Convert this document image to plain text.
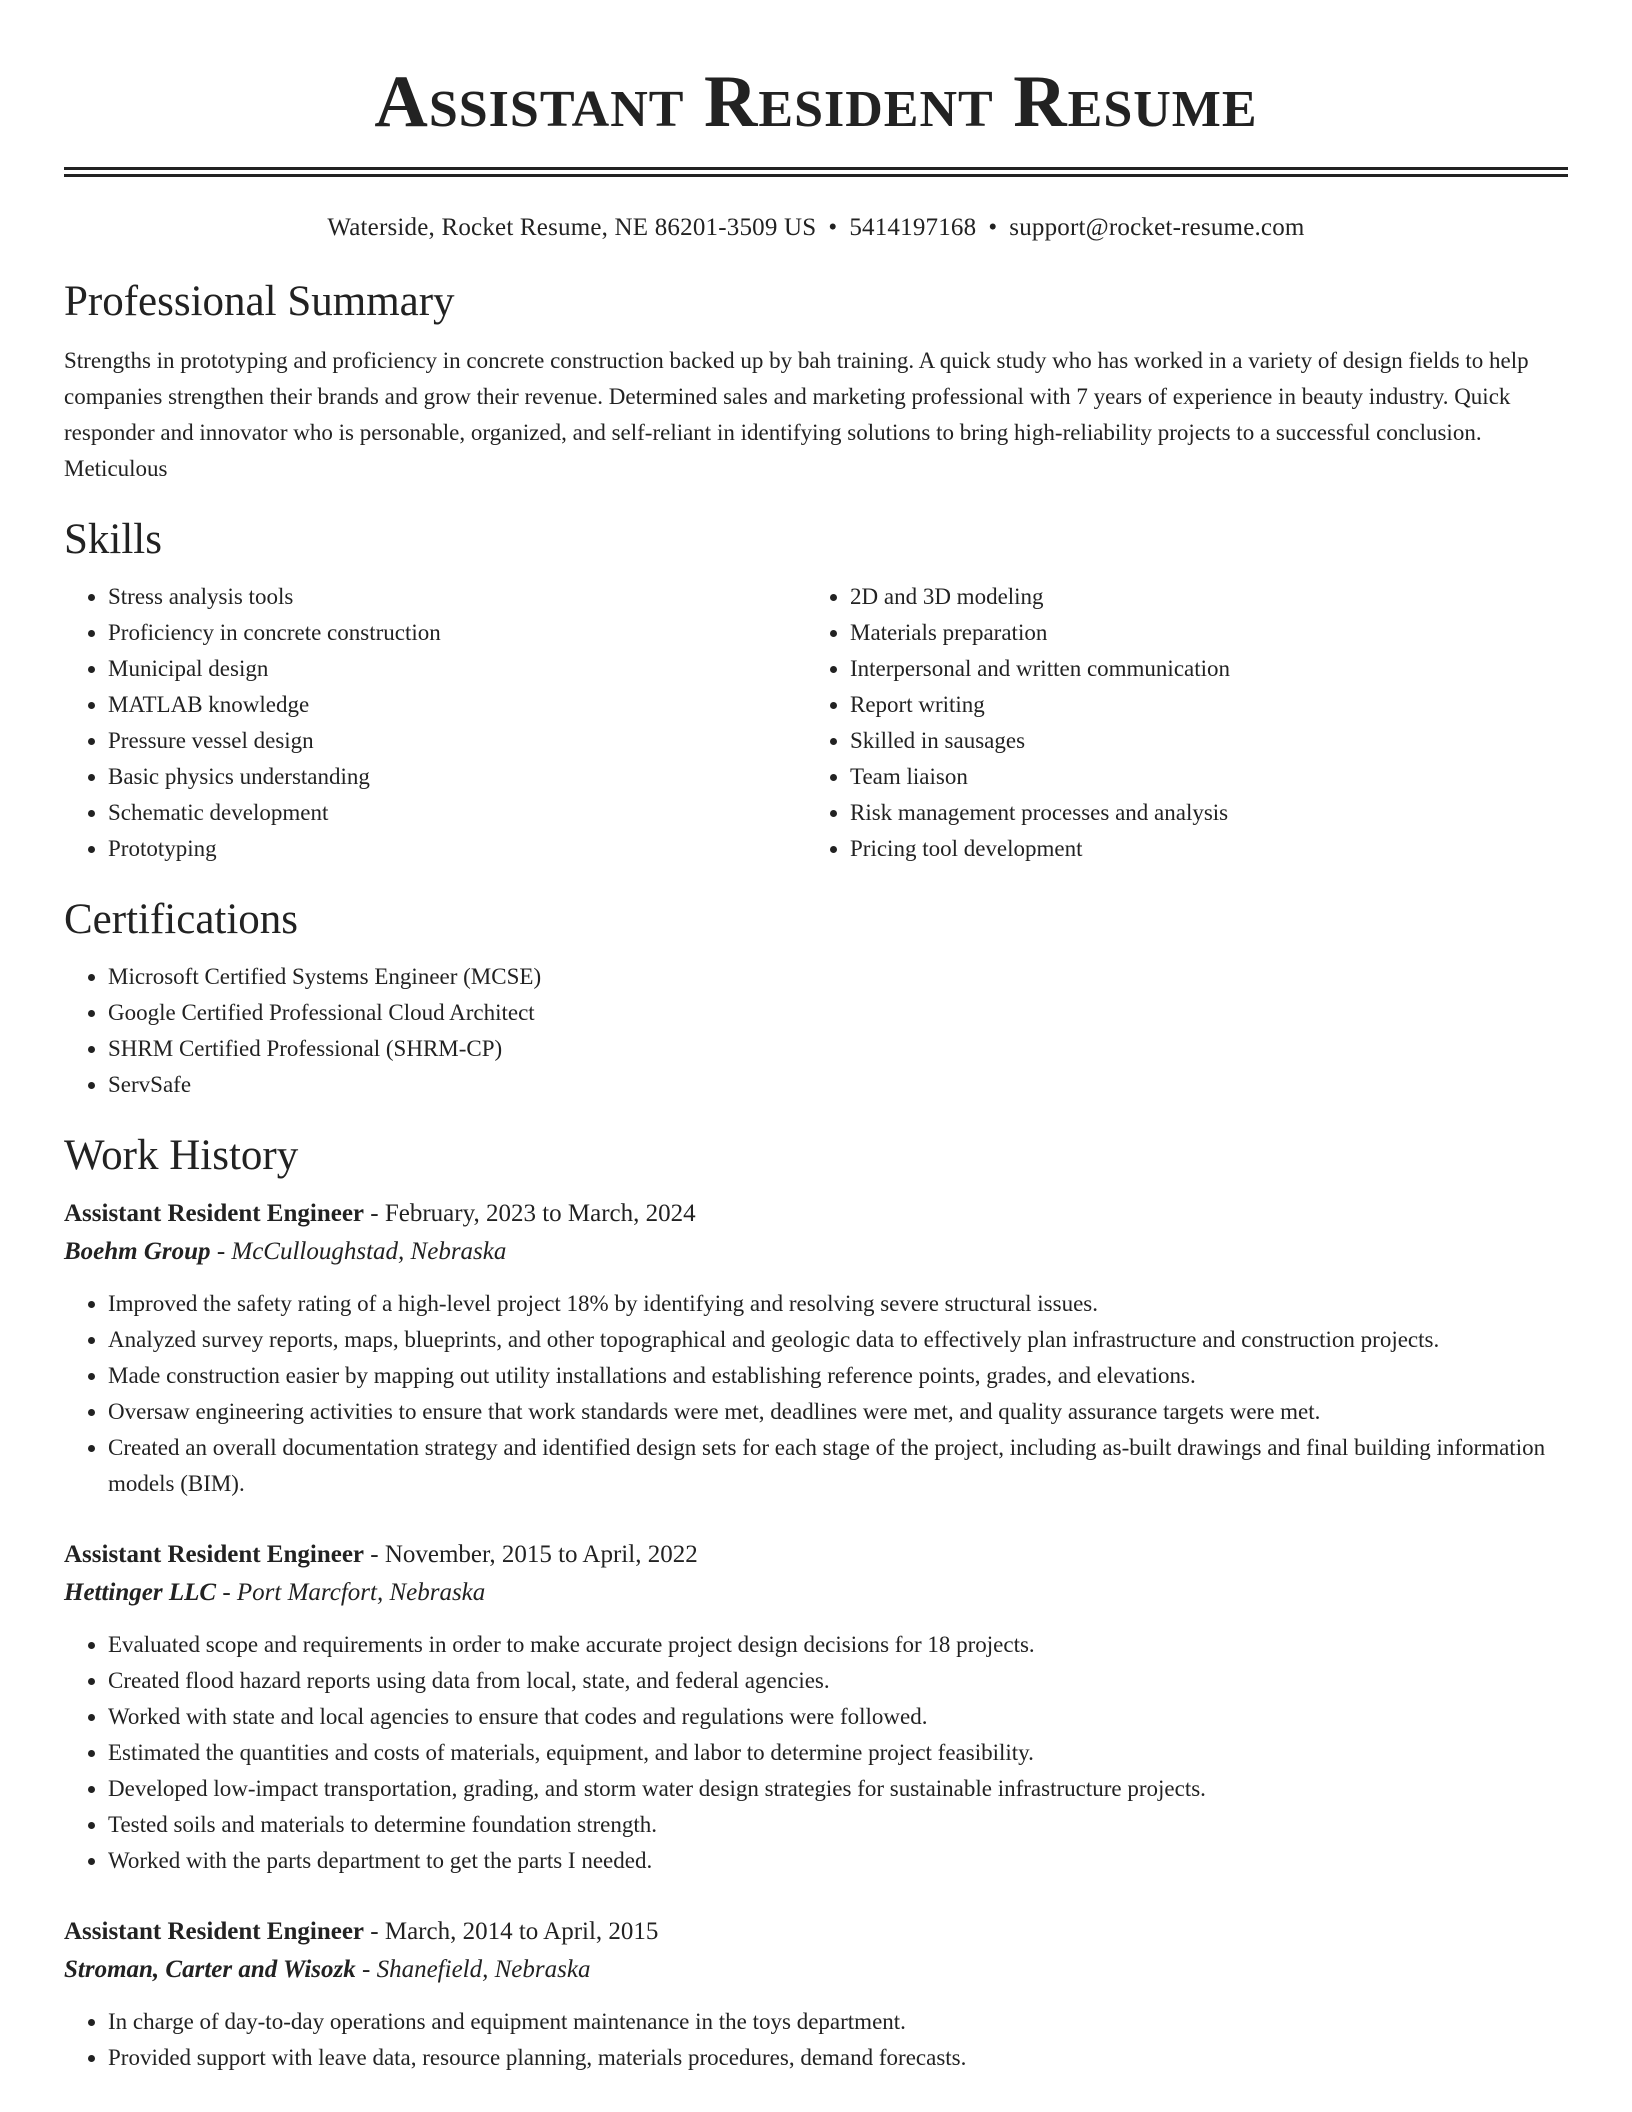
Assistant Resident Resume
Waterside, Rocket Resume, NE 86201-3509 US • 5414197168 • support@rocket-resume.com
Professional Summary

Strengths in prototyping and proficiency in concrete construction backed up by bah training. A quick study who has worked in a variety of design fields to help companies strengthen their brands and grow their revenue. Determined sales and marketing professional with 7 years of experience in beauty industry. Quick responder and innovator who is personable, organized, and self-reliant in identifying solutions to bring high-reliability projects to a successful conclusion. Meticulous

Skills
• Stress analysis tools
• Proficiency in concrete construction
• Municipal design
• MATLAB knowledge
• Pressure vessel design
• Basic physics understanding
• Schematic development
• Prototyping
• 2D and 3D modeling
• Materials preparation
• Interpersonal and written communication
• Report writing
• Skilled in sausages
• Team liaison
• Risk management processes and analysis
• Pricing tool development
Certifications
• Microsoft Certified Systems Engineer (MCSE)
• Google Certified Professional Cloud Architect
• SHRM Certified Professional (SHRM-CP)
• ServSafe
Work History

Assistant Resident Engineer - February, 2023 to March, 2024

Boehm Group - McCulloughstad, Nebraska

• Improved the safety rating of a high-level project 18% by identifying and resolving severe structural issues.
• Analyzed survey reports, maps, blueprints, and other topographical and geologic data to effectively plan infrastructure and construction projects.
• Made construction easier by mapping out utility installations and establishing reference points, grades, and elevations.
• Oversaw engineering activities to ensure that work standards were met, deadlines were met, and quality assurance targets were met.
• Created an overall documentation strategy and identified design sets for each stage of the project, including as-built drawings and final building information models (BIM).

Assistant Resident Engineer - November, 2015 to April, 2022

Hettinger LLC - Port Marcfort, Nebraska

• Evaluated scope and requirements in order to make accurate project design decisions for 18 projects.
• Created flood hazard reports using data from local, state, and federal agencies.
• Worked with state and local agencies to ensure that codes and regulations were followed.
• Estimated the quantities and costs of materials, equipment, and labor to determine project feasibility.
• Developed low-impact transportation, grading, and storm water design strategies for sustainable infrastructure projects.
• Tested soils and materials to determine foundation strength.
• Worked with the parts department to get the parts I needed.

Assistant Resident Engineer - March, 2014 to April, 2015

Stroman, Carter and Wisozk - Shanefield, Nebraska

• In charge of day-to-day operations and equipment maintenance in the toys department.
• Provided support with leave data, resource planning, materials procedures, demand forecasts.
